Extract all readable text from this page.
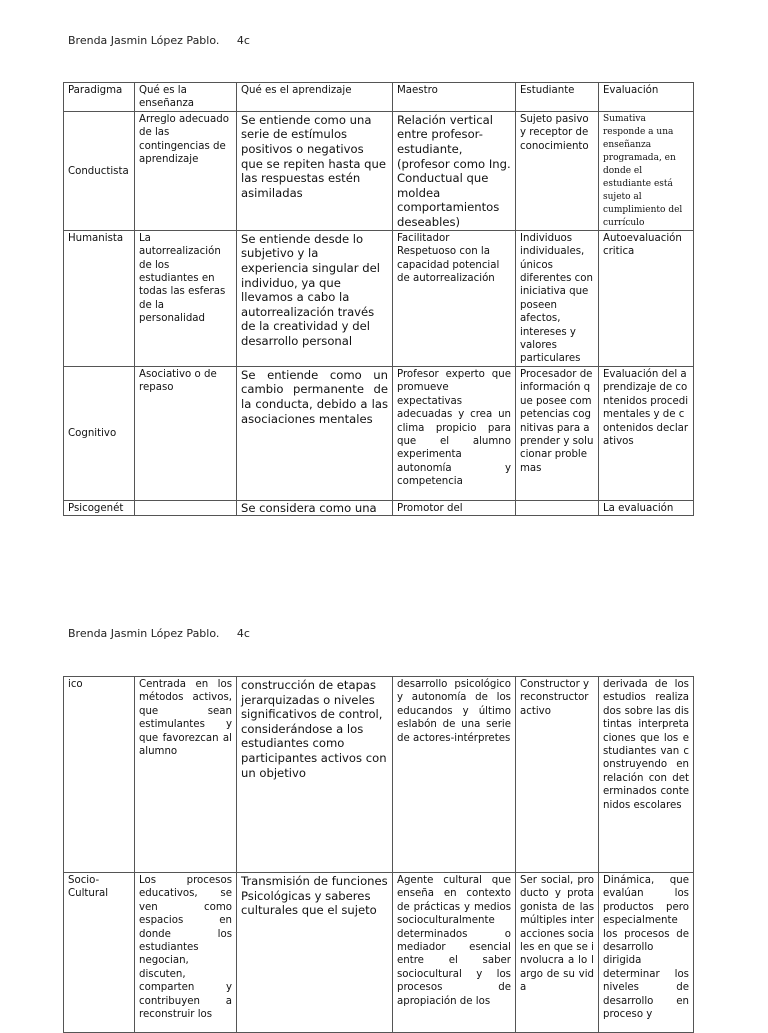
Brenda Jasmin López Pablo. 4c
Paradigma	Qué es la enseñanza	Qué es el aprendizaje	Maestro	Estudiante	Evaluación
Conductista	Arreglo adecuado de las contingencias de aprendizaje	Se entiende como una serie de estímulos positivos o negativos que se repiten hasta que las respuestas estén asimiladas	Relación vertical entre profesor-estudiante, (profesor como Ing. Conductual que moldea comportamientos deseables)	Sujeto pasivo y receptor de conocimiento	Sumativa responde a una enseñanza programada, en donde el estudiante está sujeto al cumplimiento del currículo
Humanista	La autorrealización de los estudiantes en todas las esferas de la personalidad	Se entiende desde lo subjetivo y la experiencia singular del individuo, ya que llevamos a cabo la autorrealización través de la creatividad y del desarrollo personal	Facilitador Respetuoso con la capacidad potencial de autorrealización	Individuos individuales, únicos diferentes con iniciativa que poseen afectos, intereses y valores particulares	Autoevaluación critica
Cognitivo	Asociativo o de repaso	Se entiende como un cambio permanente de la conducta, debido a las asociaciones mentales	Profesor experto que promueve expectativas adecuadas y crea un clima propicio para que el alumno experimenta autonomía y competencia	Procesador de información que posee competencias cognitivas para aprender y solucionar problemas	Evaluación del aprendizaje de contenidos procedimentales y de contenidos declarativos
Psicogenét		Se considera como una	Promotor del		La evaluación
Brenda Jasmin López Pablo. 4c
ico	Centrada en los métodos activos, que sean estimulantes y que favorezcan al alumno	construcción de etapas jerarquizadas o niveles significativos de control, considerándose a los estudiantes como participantes activos con un objetivo	desarrollo psicológico y autonomía de los educandos y último eslabón de una serie de actores-intérpretes	Constructor y reconstructor activo	derivada de los estudios realizados sobre las distintas interpretaciones que los estudiantes van construyendo en relación con determinados contenidos escolares
Socio-Cultural	Los procesos educativos, se ven como espacios en donde los estudiantes negocian, discuten, comparten y contribuyen a reconstruir los	Transmisión de funciones Psicológicas y saberes culturales que el sujeto	Agente cultural que enseña en contexto de prácticas y medios socioculturalmente determinados o mediador esencial entre el saber sociocultural y los procesos de apropiación de los	Ser social, producto y protagonista de las múltiples interacciones sociales en que se involucra a lo largo de su vida	Dinámica, que evalúan los productos pero especialmente los procesos de desarrollo dirigida determinar los niveles de desarrollo en proceso y
